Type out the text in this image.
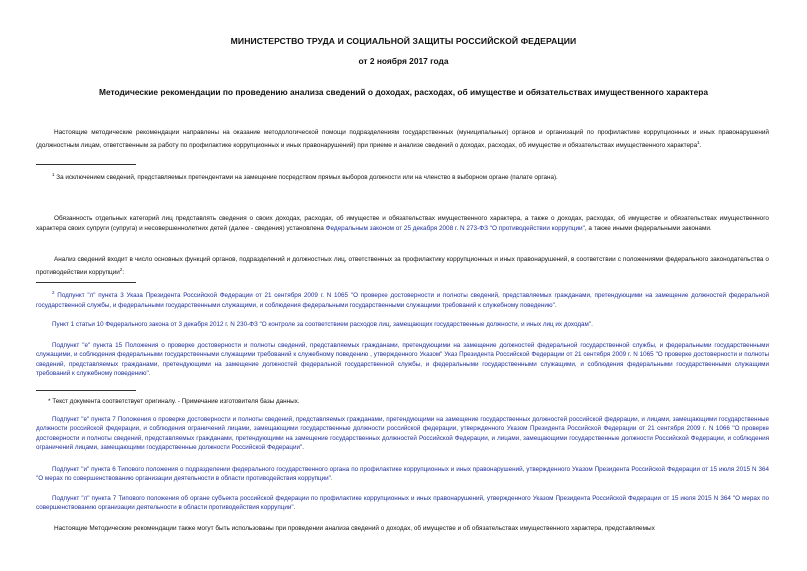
МИНИСТЕРСТВО ТРУДА И СОЦИАЛЬНОЙ ЗАЩИТЫ РОССИЙСКОЙ ФЕДЕРАЦИИ
от 2 ноября 2017 года
Методические рекомендации по проведению анализа сведений о доходах, расходах, об имуществе и обязательствах имущественного характера

Настоящие методические рекомендации направлены на оказание методологической помощи подразделениям государственных (муниципальных) органов и организаций по профилактике коррупционных и иных правонарушений (должностным лицам, ответственным за работу по профилактике коррупционных и иных правонарушений) при приеме и анализе сведений о доходах, расходах, об имуществе и обязательствах имущественного характера$^1$.

$^1$ За исключением сведений, представляемых претендентами на замещение посредством прямых выборов должности или на членство в выборном органе (палате органа).

Обязанность отдельных категорий лиц представлять сведения о своих доходах, расходах, об имуществе и обязательствах имущественного характера, а также о доходах, расходах, об имуществе и обязательствах имущественного характера своих супруги (супруга) и несовершеннолетних детей (далее - сведения) установлена Федеральным законом от 25 декабря 2008 г. N 273-ФЗ "О противодействии коррупции", а также иными федеральными законами.

Анализ сведений входит в число основных функций органов, подразделений и должностных лиц, ответственных за профилактику коррупционных и иных правонарушений, в соответствии с положениями федерального законодательства о противодействии коррупции$^2$:

$^2$ Подпункт "л" пункта 3 Указа Президента Российской Федерации от 21 сентября 2009 г. N 1065 "О проверке достоверности и полноты сведений, представляемых гражданами, претендующими на замещение должностей федеральной государственной службы, и федеральными государственными служащими, и соблюдения федеральными государственными служащими требований к служебному поведению".

Пункт 1 статьи 10 Федерального закона от 3 декабря 2012 г. N 230-ФЗ "О контроле за соответствием расходов лиц, замещающих государственные должности, и иных лиц их доходам".

Подпункт "е" пункта 15 Положения о проверке достоверности и полноты сведений, представляемых гражданами, претендующими на замещение должностей федеральной государственной службы, и федеральными государственными служащими, и соблюдения федеральными государственными служащими требований к служебному поведению , утвержденного Указом" Указ Президента Российской Федерации от 21 сентября 2009 г. N 1065 "О проверке достоверности и полноты сведений, представляемых гражданами, претендующими на замещение должностей федеральной государственной службы, и федеральными государственными служащими, и соблюдения федеральными государственными служащими требований к служебному поведению".

* Текст документа соответствует оригиналу. - Примечание изготовителя базы данных.

Подпункт "е" пункта 7 Положения о проверке достоверности и полноты сведений, представляемых гражданами, претендующими на замещение государственных должностей российской федерации, и лицами, замещающими государственные должности российской федерации, и соблюдения ограничений лицами, замещающими государственные должности российской федерации, утвержденного Указом Президента Российской Федерации от 21 сентября 2009 г. N 1066 "О проверке достоверности и полноты сведений, представляемых гражданами, претендующими на замещение государственных должностей Российской Федерации, и лицами, замещающими государственные должности Российской Федерации, и соблюдения ограничений лицами, замещающими государственные должности Российской Федерации".

Подпункт "и" пункта 6 Типового положения о подразделении федерального государственного органа по профилактике коррупционных и иных правонарушений, утвержденного Указом Президента Российской Федерации от 15 июля 2015 N 364 "О мерах по совершенствованию организации деятельности в области противодействия коррупции".

Подпункт "л" пункта 7 Типового положения об органе субъекта российской федерации по профилактике коррупционных и иных правонарушений, утвержденного Указом Президента Российской Федерации от 15 июля 2015 N 364 "О мерах по совершенствованию организации деятельности в области противодействия коррупции".

Настоящие Методические рекомендации также могут быть использованы при проведении анализа сведений о доходах, об имуществе и об обязательствах имущественного характера, представляемых
